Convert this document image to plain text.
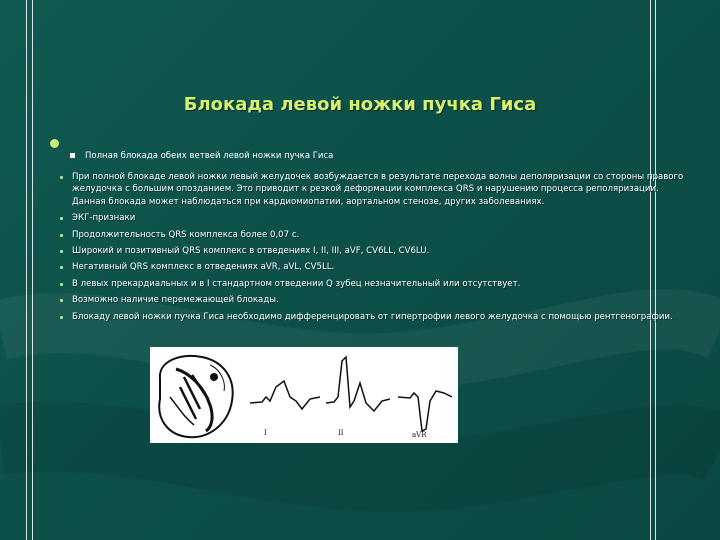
Блокада левой ножки пучка Гиса
Полная блокада обеих ветвей левой ножки пучка Гиса
При полной блокаде левой ножки левый желудочек возбуждается в результате перехода волны деполяризации со стороны правого желудочка с большим опозданием. Это приводит к резкой деформации комплекса QRS и нарушению процесса реполяризации. Данная блокада может наблюдаться при кардиомиопатии, аортальном стенозе, других заболеваниях.
ЭКГ-признаки
Продолжительность QRS комплекса более 0,07 с.
Широкий и позитивный QRS комплекс в отведениях I, II, III, aVF, CV6LL, CV6LU.
Негативный QRS комплекс в отведениях aVR, aVL, CV5LL.
В левых прекардиальных и в I стандартном отведении Q зубец незначительный или отсутствует.
Возможно наличие перемежающей блокады.
Блокаду левой ножки пучка Гиса необходимо дифференцировать от гипертрофии левого желудочка с помощью рентгенографии.
I	II	aVR
